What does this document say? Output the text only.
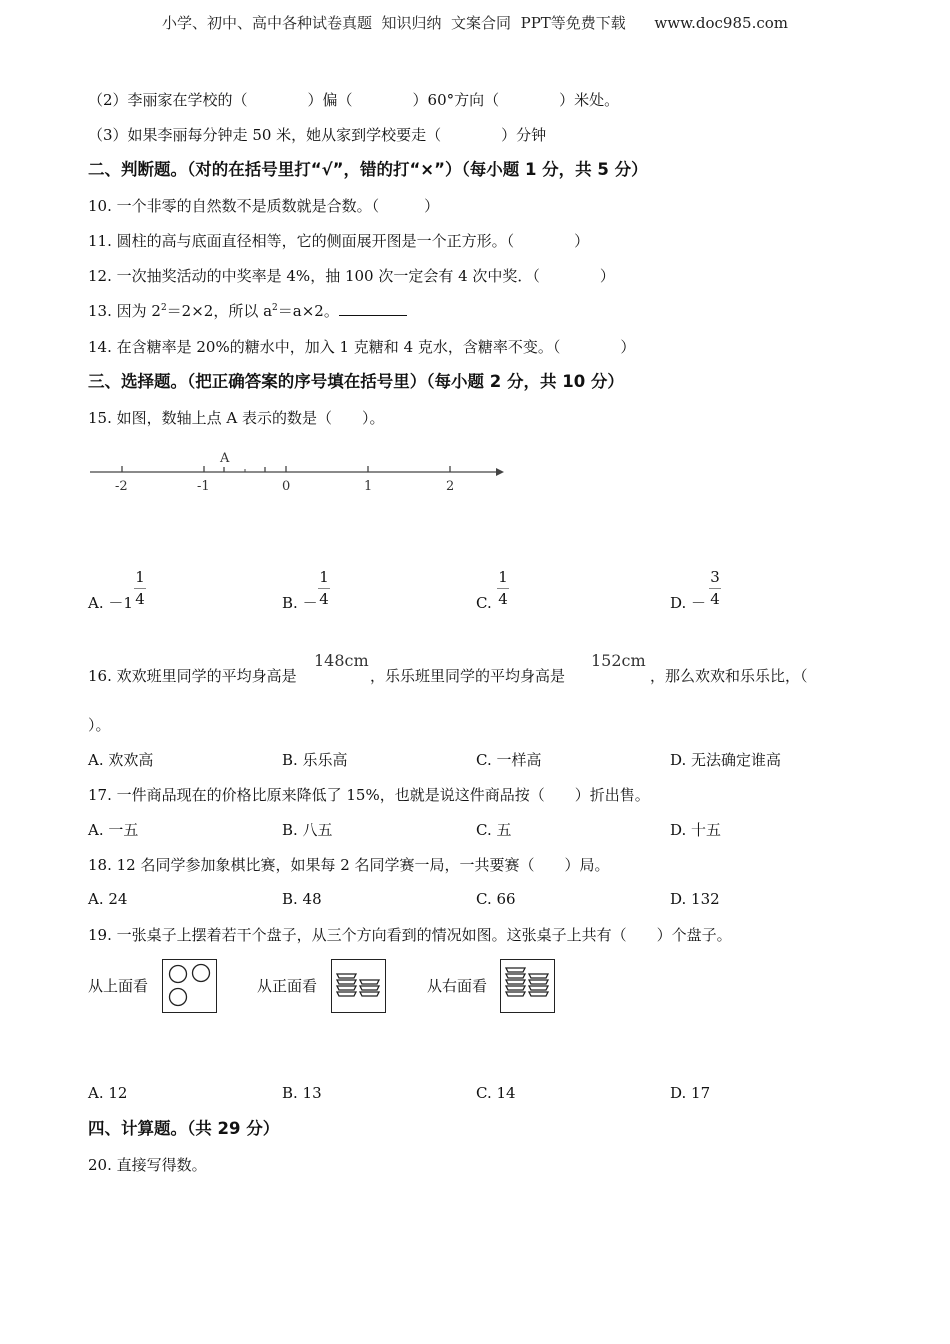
小学、初中、高中各种试卷真题  知识归纳  文案合同  PPT等免费下载      www.doc985.com
（2）李丽家在学校的（　　　　）偏（　　　　）60°方向（　　　　）米处。
（3）如果李丽每分钟走 50 米，她从家到学校要走（　　　　）分钟
二、判断题。（对的在括号里打“√”，错的打“×”）（每小题 1 分，共 5 分）
10. 一个非零的自然数不是质数就是合数。（　　　）
11. 圆柱的高与底面直径相等，它的侧面展开图是一个正方形。（　　　　）
12. 一次抽奖活动的中奖率是 4%，抽 100 次一定会有 4 次中奖．（　　　　）
13. 因为 $2^2=2\times 2$，所以 $a^2=a\times 2$。
14. 在含糖率是 20%的糖水中，加入 1 克糖和 4 克水，含糖率不变。（　　　　）
三、选择题。（把正确答案的序号填在括号里）（每小题 2 分，共 10 分）
15. 如图，数轴上点 A 表示的数是（　　）。
A
-2	-1	0	1	2
A. －1
1
4	B. －
1
4	C.
1
4	D. －
3
4
148cm	152cm
16. 欢欢班里同学的平均身高是	，乐乐班里同学的平均身高是	，那么欢欢和乐乐比，（
）。
A. 欢欢高	B. 乐乐高	C. 一样高	D. 无法确定谁高
17. 一件商品现在的价格比原来降低了 15%，也就是说这件商品按（　　）折出售。
A. 一五	B. 八五	C. 五	D. 十五
18. 12 名同学参加象棋比赛，如果每 2 名同学赛一局，一共要赛（　　）局。
A. 24	B. 48	C. 66	D. 132
19. 一张桌子上摆着若干个盘子，从三个方向看到的情况如图。这张桌子上共有（　　）个盘子。
从上面看	从正面看	从右面看
A. 12	B. 13	C. 14	D. 17
四、计算题。（共 29 分）
20. 直接写得数。
